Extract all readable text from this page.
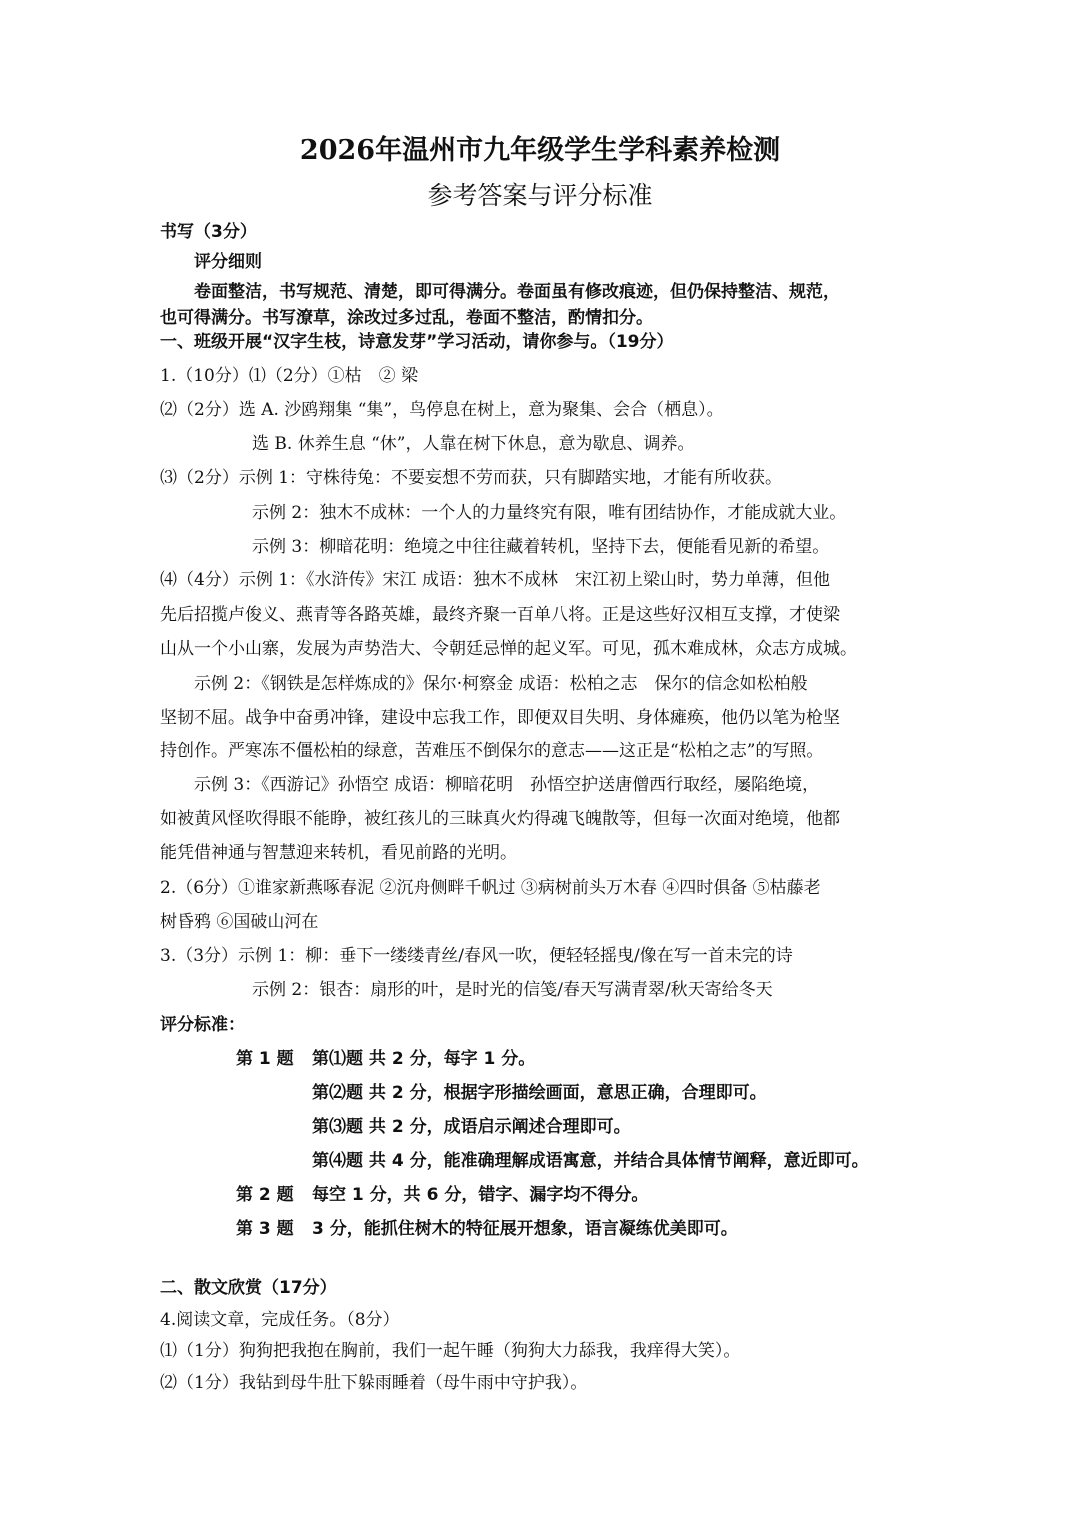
2026年温州市九年级学生学科素养检测
参考答案与评分标准
书写（3分）
评分细则
卷面整洁，书写规范、清楚，即可得满分。卷面虽有修改痕迹，但仍保持整洁、规范，
也可得满分。书写潦草，涂改过多过乱，卷面不整洁，酌情扣分。
一、班级开展“汉字生枝，诗意发芽”学习活动，请你参与。（19分）
1.（10分）⑴（2分）①枯　② 梁
⑵（2分）选 A. 沙鸥翔集 “集”，鸟停息在树上，意为聚集、会合（栖息）。
选 B. 休养生息 “休”，人靠在树下休息，意为歇息、调养。
⑶（2分）示例 1：守株待兔：不要妄想不劳而获，只有脚踏实地，才能有所收获。
示例 2：独木不成林：一个人的力量终究有限，唯有团结协作，才能成就大业。
示例 3：柳暗花明：绝境之中往往藏着转机，坚持下去，便能看见新的希望。
⑷（4分）示例 1：《水浒传》宋江 成语：独木不成林　宋江初上梁山时，势力单薄，但他
先后招揽卢俊义、燕青等各路英雄，最终齐聚一百单八将。正是这些好汉相互支撑，才使梁
山从一个小山寨，发展为声势浩大、令朝廷忌惮的起义军。可见，孤木难成林，众志方成城。
示例 2：《钢铁是怎样炼成的》保尔·柯察金 成语：松柏之志　保尔的信念如松柏般
坚韧不屈。战争中奋勇冲锋，建设中忘我工作，即便双目失明、身体瘫痪，他仍以笔为枪坚
持创作。严寒冻不僵松柏的绿意，苦难压不倒保尔的意志——这正是“松柏之志”的写照。
示例 3：《西游记》孙悟空 成语：柳暗花明　孙悟空护送唐僧西行取经，屡陷绝境，
如被黄风怪吹得眼不能睁，被红孩儿的三昧真火灼得魂飞魄散等，但每一次面对绝境，他都
能凭借神通与智慧迎来转机，看见前路的光明。
2.（6分）①谁家新燕啄春泥 ②沉舟侧畔千帆过 ③病树前头万木春 ④四时俱备 ⑤枯藤老
树昏鸦 ⑥国破山河在
3.（3分）示例 1：柳：垂下一缕缕青丝/春风一吹，便轻轻摇曳/像在写一首未完的诗
示例 2：银杏：扇形的叶，是时光的信笺/春天写满青翠/秋天寄给冬天
评分标准：
第 1 题 第⑴题 共 2 分，每字 1 分。
第⑵题 共 2 分，根据字形描绘画面，意思正确，合理即可。
第⑶题 共 2 分，成语启示阐述合理即可。
第⑷题 共 4 分，能准确理解成语寓意，并结合具体情节阐释，意近即可。
第 2 题 每空 1 分，共 6 分，错字、漏字均不得分。
第 3 题 3 分，能抓住树木的特征展开想象，语言凝练优美即可。
二、散文欣赏（17分）
4.阅读文章，完成任务。（8分）
⑴（1分）狗狗把我抱在胸前，我们一起午睡（狗狗大力舔我，我痒得大笑）。
⑵（1分）我钻到母牛肚下躲雨睡着（母牛雨中守护我）。
